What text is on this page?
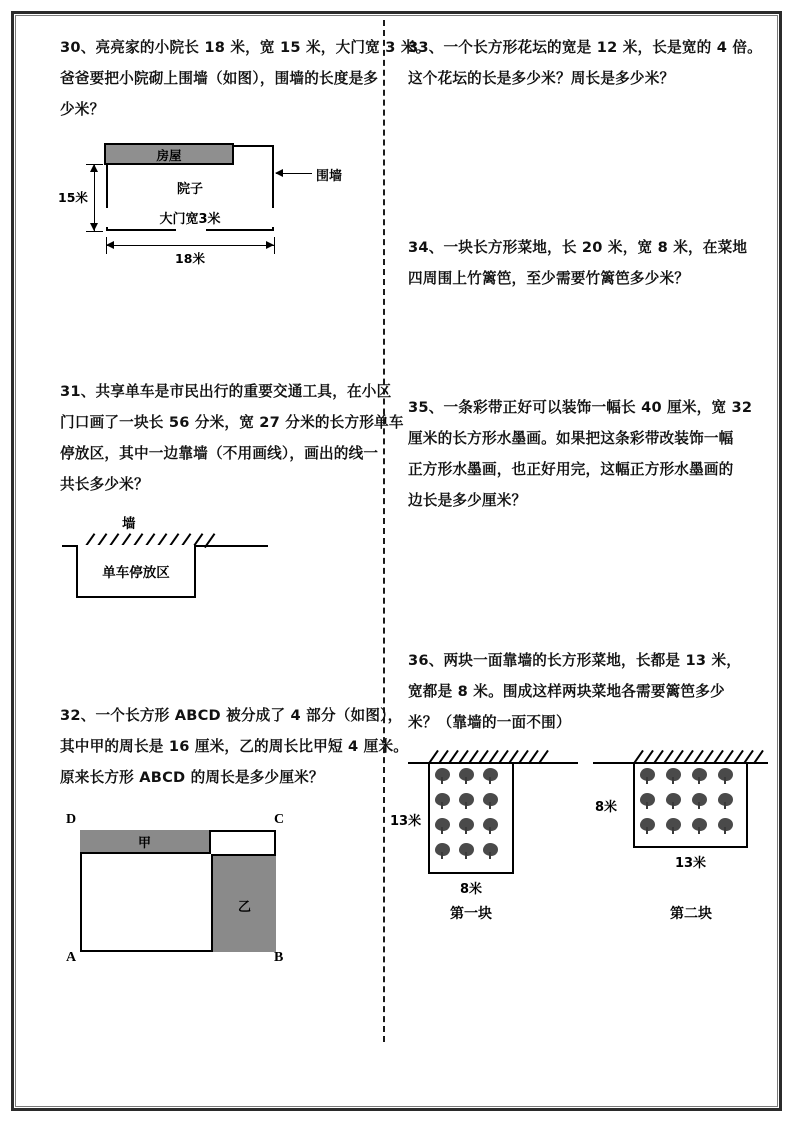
30、亮亮家的小院长 18 米，宽 15 米，大门宽 3 米。
爸爸要把小院砌上围墙（如图），围墙的长度是多
少米？
房屋
院子
大门宽3米
15米
18米
围墙
31、共享单车是市民出行的重要交通工具，在小区
门口画了一块长 56 分米，宽 27 分米的长方形单车
停放区，其中一边靠墙（不用画线），画出的线一
共长多少米？
墙
单车停放区
32、一个长方形 ABCD 被分成了 4 部分（如图），
其中甲的周长是 16 厘米，乙的周长比甲短 4 厘米。
原来长方形 ABCD 的周长是多少厘米？
甲
乙
D	C
A	B
33、一个长方形花坛的宽是 12 米，长是宽的 4 倍。
这个花坛的长是多少米？周长是多少米？
34、一块长方形菜地，长 20 米，宽 8 米，在菜地
四周围上竹篱笆，至少需要竹篱笆多少米？
35、一条彩带正好可以装饰一幅长 40 厘米，宽 32
厘米的长方形水墨画。如果把这条彩带改装饰一幅
正方形水墨画，也正好用完，这幅正方形水墨画的
边长是多少厘米？
36、两块一面靠墙的长方形菜地，长都是 13 米，
宽都是 8 米。围成这样两块菜地各需要篱笆多少
米？（靠墙的一面不围）
13米
8米
第一块
8米
13米
第二块
